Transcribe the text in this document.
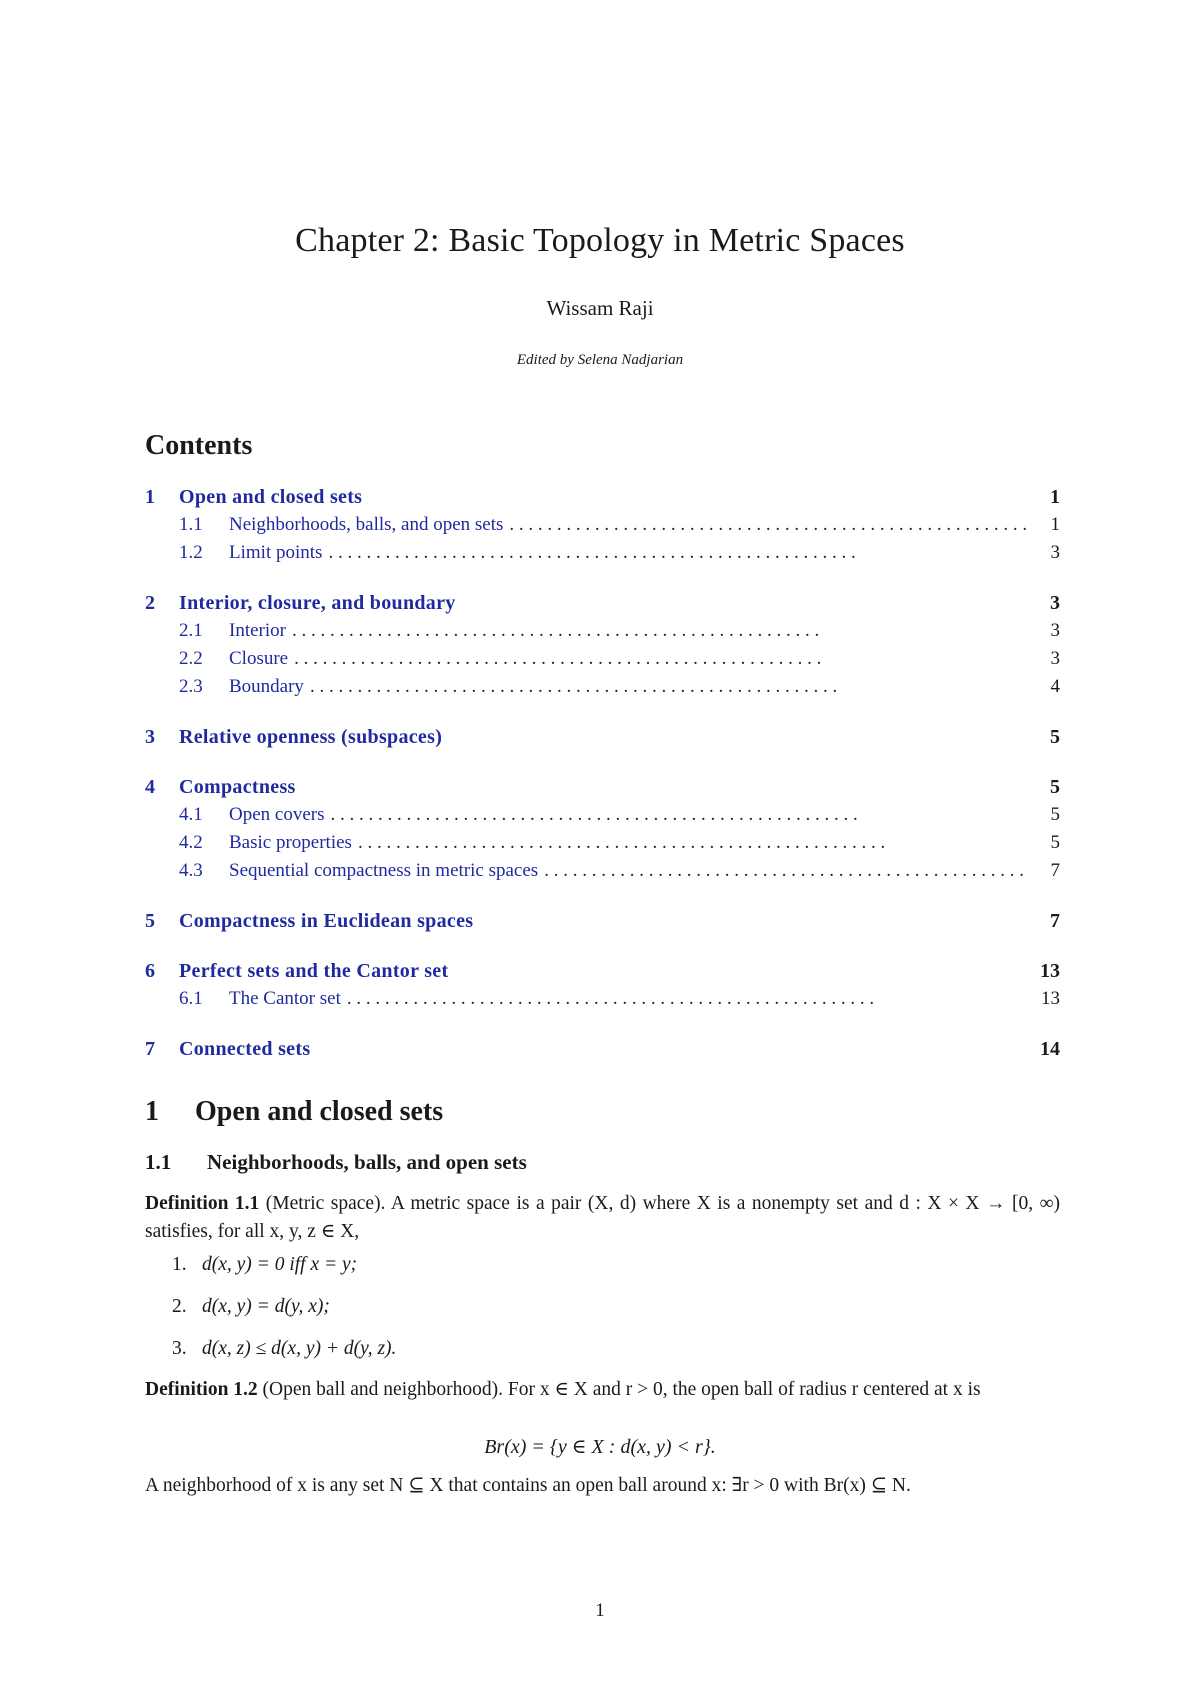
Chapter 2: Basic Topology in Metric Spaces
Wissam Raji
Edited by Selena Nadjarian
Contents
1	Open and closed sets	1
1.1	Neighborhoods, balls, and open sets . .	1
1.2	Limit points . .	3
2	Interior, closure, and boundary	3
2.1	Interior . .	3
2.2	Closure . .	3
2.3	Boundary . .	4
3	Relative openness (subspaces)	5
4	Compactness	5
4.1	Open covers . .	5
4.2	Basic properties . .	5
4.3	Sequential compactness in metric spaces . .	7
5	Compactness in Euclidean spaces	7
6	Perfect sets and the Cantor set	13
6.1	The Cantor set . .	13
7	Connected sets	14
1 Open and closed sets
1.1 Neighborhoods, balls, and open sets
Definition 1.1 (Metric space). A metric space is a pair (X, d) where X is a nonempty set and d : X × X → [0, ∞) satisfies, for all x, y, z ∈ X,
1. d(x, y) = 0 iff x = y;
2. d(x, y) = d(y, x);
3. d(x, z) ≤ d(x, y) + d(y, z).
Definition 1.2 (Open ball and neighborhood). For x ∈ X and r > 0, the open ball of radius r centered at x is
Br(x) = {y ∈ X : d(x, y) < r}.
A neighborhood of x is any set N ⊆ X that contains an open ball around x: ∃r > 0 with Br(x) ⊆ N.
1
